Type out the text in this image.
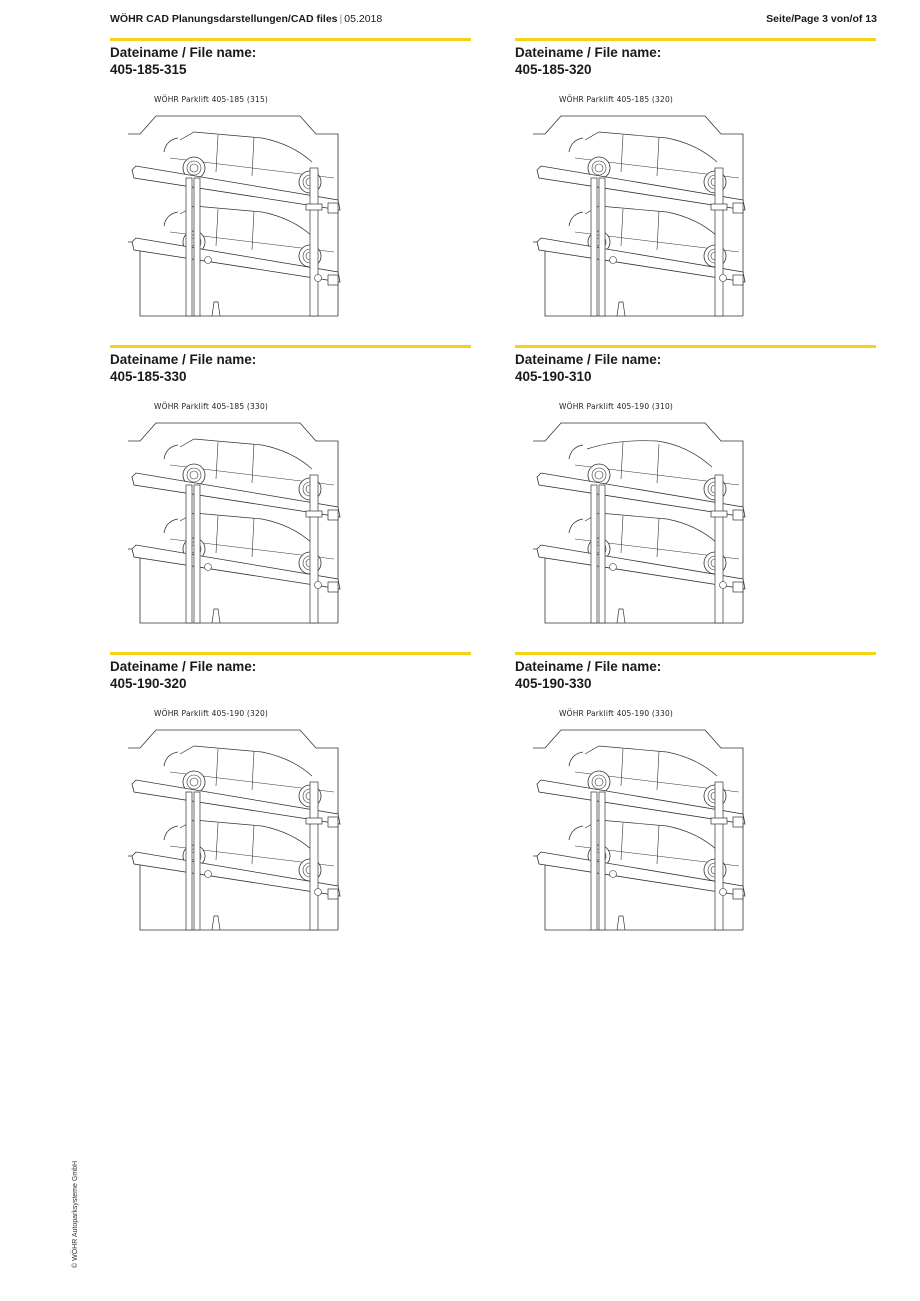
WÖHR CAD Planungsdarstellungen/CAD files | 05.2018	Seite/Page 3 von/of 13
Dateiname / File name:
405-185-315
WÖHR Parklift 405-185 (315)
Dateiname / File name:
405-185-320
WÖHR Parklift 405-185 (320)
Dateiname / File name:
405-185-330
WÖHR Parklift 405-185 (330)
Dateiname / File name:
405-190-310
WÖHR Parklift 405-190 (310)
Dateiname / File name:
405-190-320
WÖHR Parklift 405-190 (320)
Dateiname / File name:
405-190-330
WÖHR Parklift 405-190 (330)
© WÖHR Autoparksysteme GmbH
